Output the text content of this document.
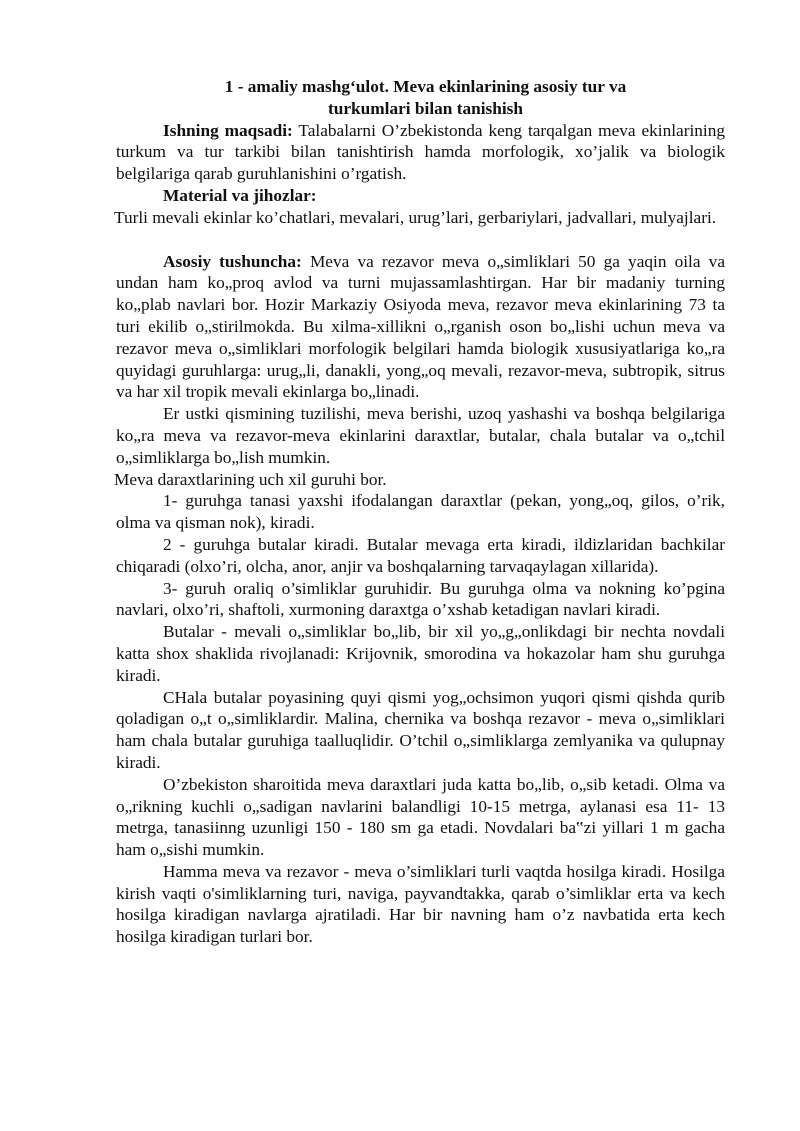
1 - amaliy mashg‘ulot. Meva ekinlarining asosiy tur va
turkumlari bilan tanishish

Ishning maqsadi: Talabalarni O’zbekistonda keng tarqalgan meva ekinlarining turkum va tur tarkibi bilan tanishtirish hamda morfologik, xo’jalik va biologik belgilariga qarab guruhlanishini o’rgatish.

Material va jihozlar:

Turli mevali ekinlar ko’chatlari, mevalari, urug’lari, gerbariylari, jadvallari, mulyajlari.

Asosiy tushuncha: Meva va rezavor meva o„simliklari 50 ga yaqin oila va undan ham ko„proq avlod va turni mujassamlashtirgan. Har bir madaniy turning ko„plab navlari bor. Hozir Markaziy Osiyoda meva, rezavor meva ekinlarining 73 ta turi ekilib o„stirilmokda. Bu xilma-xillikni o„rganish oson bo„lishi uchun meva va rezavor meva o„simliklari morfologik belgilari hamda biologik xususiyatlariga ko„ra quyidagi guruhlarga: urug„li, danakli, yong„oq mevali, rezavor-meva, subtropik, sitrus va har xil tropik mevali ekinlarga bo„linadi.

Er ustki qismining tuzilishi, meva berishi, uzoq yashashi va boshqa belgilariga ko„ra meva va rezavor-meva ekinlarini daraxtlar, butalar, chala butalar va o„tchil o„simliklarga bo„lish mumkin.

Meva daraxtlarining uch xil guruhi bor.

1- guruhga tanasi yaxshi ifodalangan daraxtlar (pekan, yong„oq, gilos, o’rik, olma va qisman nok), kiradi.

2 - guruhga butalar kiradi. Butalar mevaga erta kiradi, ildizlaridan bachkilar chiqaradi (olxo’ri, olcha, anor, anjir va boshqalarning tarvaqaylagan xillarida).

3- guruh oraliq o’simliklar guruhidir. Bu guruhga olma va nokning ko’pgina navlari, olxo’ri, shaftoli, xurmoning daraxtga o’xshab ketadigan navlari kiradi.

Butalar - mevali o„simliklar bo„lib, bir xil yo„g„onlikdagi bir nechta novdali katta shox shaklida rivojlanadi: Krijovnik, smorodina va hokazolar ham shu guruhga kiradi.

CHala butalar poyasining quyi qismi yog„ochsimon yuqori qismi qishda qurib qoladigan o„t o„simliklardir. Malina, chernika va boshqa rezavor - meva o„simliklari ham chala butalar guruhiga taalluqlidir. O’tchil o„simliklarga zemlyanika va qulupnay kiradi.

O’zbekiston sharoitida meva daraxtlari juda katta bo„lib, o„sib ketadi. Olma va o„rikning kuchli o„sadigan navlarini balandligi 10-15 metrga, aylanasi esa 11- 13 metrga, tanasiinng uzunligi 150 - 180 sm ga etadi. Novdalari ba‟zi yillari 1 m gacha ham o„sishi mumkin.

Hamma meva va rezavor - meva o’simliklari turli vaqtda hosilga kiradi. Hosilga kirish vaqti o'simliklarning turi, naviga, payvandtakka, qarab o’simliklar erta va kech hosilga kiradigan navlarga ajratiladi. Har bir navning ham o’z navbatida erta kech hosilga kiradigan turlari bor.
